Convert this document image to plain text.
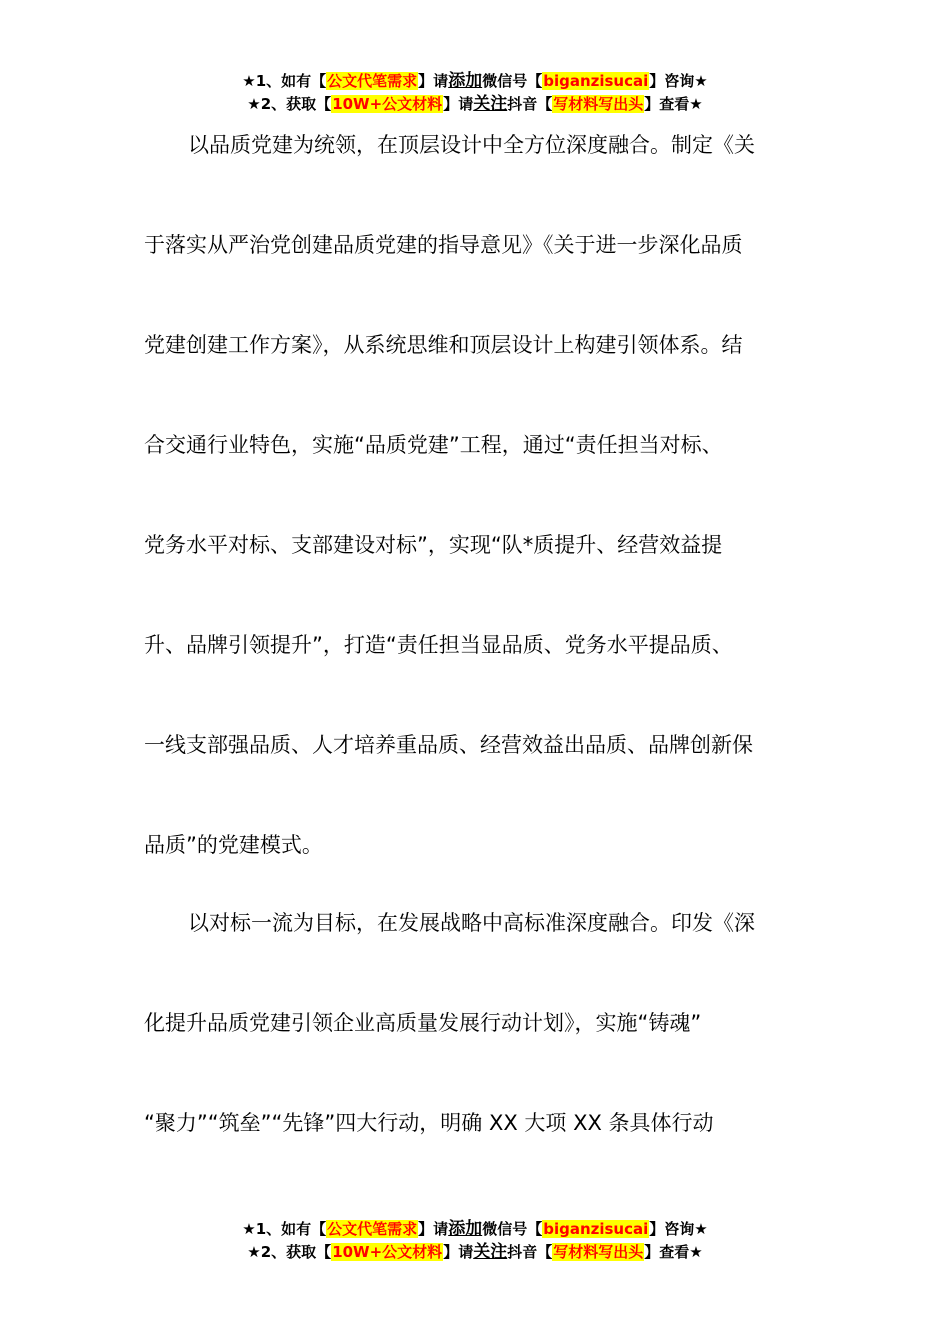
★1、如有【公文代笔需求】请添加微信号【biganzisucai】咨询★
★2、获取【10W+公文材料】请关注抖音【写材料写出头】查看★
以品质党建为统领，在顶层设计中全方位深度融合。制定《关
于落实从严治党创建品质党建的指导意见》《关于进一步深化品质
党建创建工作方案》，从系统思维和顶层设计上构建引领体系。结
合交通行业特色，实施“品质党建”工程，通过“责任担当对标、
党务水平对标、支部建设对标”，实现“队*质提升、经营效益提
升、品牌引领提升”，打造“责任担当显品质、党务水平提品质、
一线支部强品质、人才培养重品质、经营效益出品质、品牌创新保
品质”的党建模式。
以对标一流为目标，在发展战略中高标准深度融合。印发《深
化提升品质党建引领企业高质量发展行动计划》，实施“铸魂”
“聚力”“筑垒”“先锋”四大行动，明确 XX 大项 XX 条具体行动
★1、如有【公文代笔需求】请添加微信号【biganzisucai】咨询★
★2、获取【10W+公文材料】请关注抖音【写材料写出头】查看★
